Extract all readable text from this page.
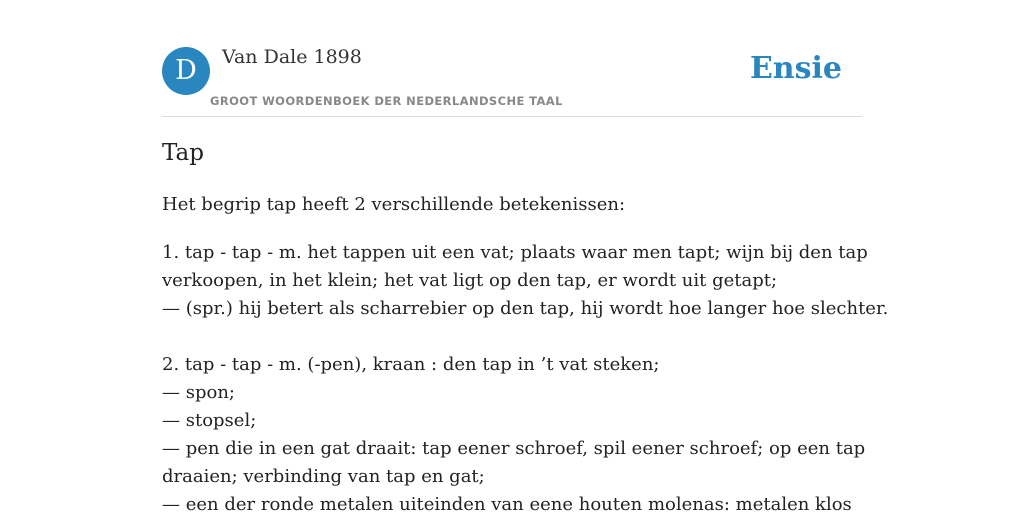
D	Van Dale 1898
GROOT WOORDENBOEK DER NEDERLANDSCHE TAAL
Ensie
Tap
Het begrip tap heeft 2 verschillende betekenissen:
1. tap - tap - m. het tappen uit een vat; plaats waar men tapt; wijn bij den tap
verkoopen, in het klein; het vat ligt op den tap, er wordt uit getapt;
— (spr.) hij betert als scharrebier op den tap, hij wordt hoe langer hoe slechter.
2. tap - tap - m. (-pen), kraan : den tap in ’t vat steken;
— spon;
— stopsel;
— pen die in een gat draait: tap eener schroef, spil eener schroef; op een tap
draaien; verbinding van tap en gat;
— een der ronde metalen uiteinden van eene houten molenas: metalen klos
